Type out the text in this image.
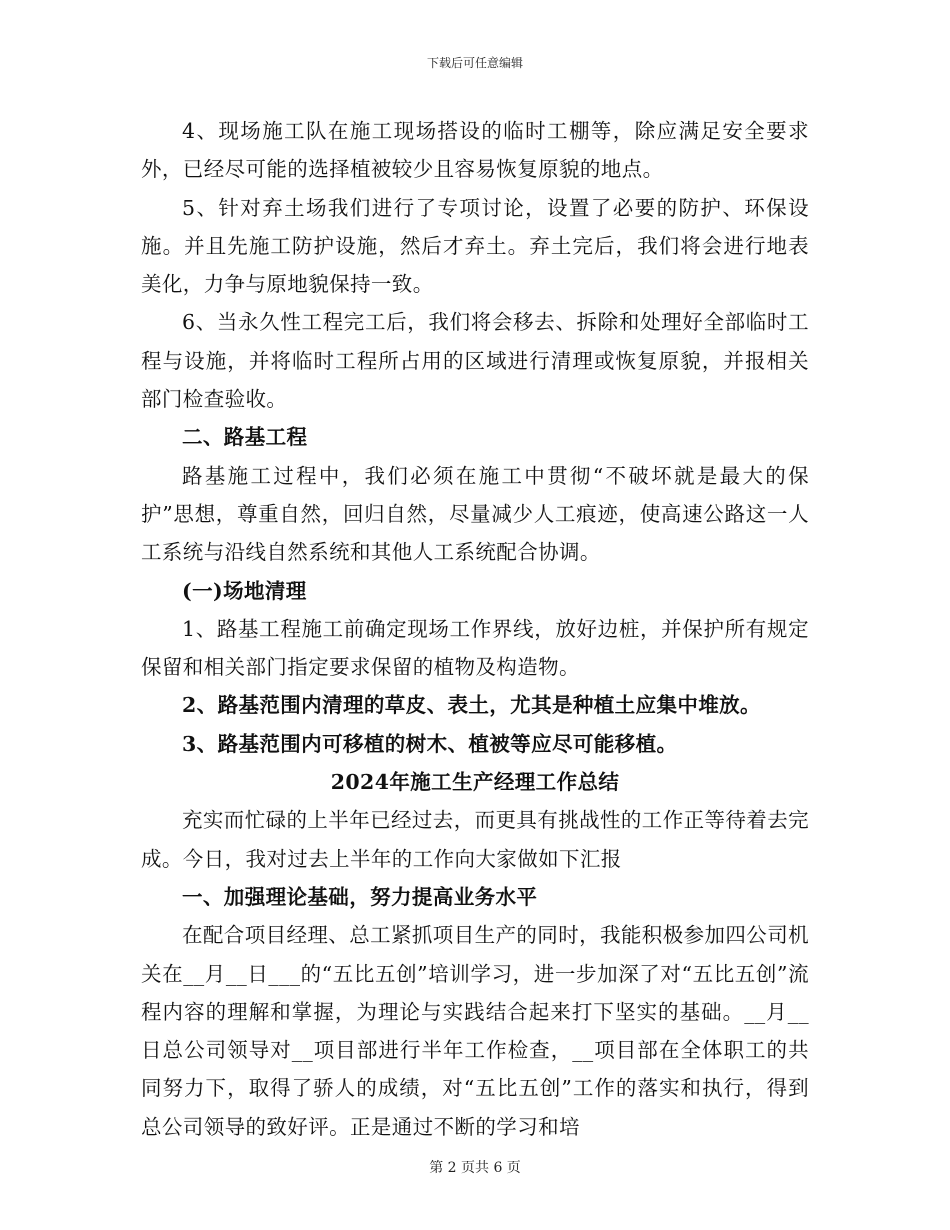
下载后可任意编辑

4、现场施工队在施工现场搭设的临时工棚等，除应满足安全要求外，已经尽可能的选择植被较少且容易恢复原貌的地点。

5、针对弃土场我们进行了专项讨论，设置了必要的防护、环保设施。并且先施工防护设施，然后才弃土。弃土完后，我们将会进行地表美化，力争与原地貌保持一致。

6、当永久性工程完工后，我们将会移去、拆除和处理好全部临时工程与设施，并将临时工程所占用的区域进行清理或恢复原貌，并报相关部门检查验收。

二、路基工程

路基施工过程中，我们必须在施工中贯彻“不破坏就是最大的保护”思想，尊重自然，回归自然，尽量减少人工痕迹，使高速公路这一人工系统与沿线自然系统和其他人工系统配合协调。

(一)场地清理

1、路基工程施工前确定现场工作界线，放好边桩，并保护所有规定保留和相关部门指定要求保留的植物及构造物。

2、路基范围内清理的草皮、表土，尤其是种植土应集中堆放。

3、路基范围内可移植的树木、植被等应尽可能移植。

2024年施工生产经理工作总结

充实而忙碌的上半年已经过去，而更具有挑战性的工作正等待着去完成。今日，我对过去上半年的工作向大家做如下汇报

一、加强理论基础，努力提高业务水平

在配合项目经理、总工紧抓项目生产的同时，我能积极参加四公司机关在__月__日___的“五比五创”培训学习，进一步加深了对“五比五创”流程内容的理解和掌握，为理论与实践结合起来打下坚实的基础。__月__日总公司领导对__项目部进行半年工作检查，__项目部在全体职工的共同努力下，取得了骄人的成绩，对“五比五创”工作的落实和执行，得到总公司领导的致好评。正是通过不断的学习和培

第 2 页共 6 页
